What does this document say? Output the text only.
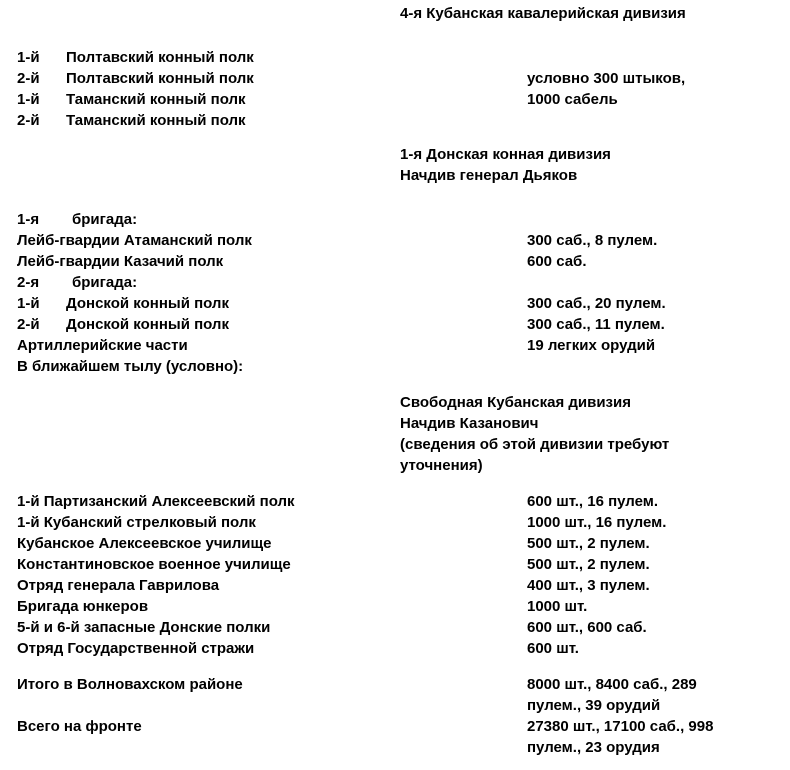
4-я Кубанская кавалерийская дивизия
1-й Полтавский конный полк
2-й Полтавский конный полк	условно 300 штыков,
1-й Таманский конный полк	1000 сабель
2-й Таманский конный полк
1-я Донская конная дивизия
Начдив генерал Дьяков
1-я бригада:
Лейб-гвардии Атаманский полк	300 саб., 8 пулем.
Лейб-гвардии Казачий полк	600 саб.
2-я бригада:
1-й Донской конный полк	300 саб., 20 пулем.
2-й Донской конный полк	300 саб., 11 пулем.
Артиллерийские части	19 легких орудий
В ближайшем тылу (условно):
Свободная Кубанская дивизия
Начдив Казанович
(сведения об этой дивизии требуют
уточнения)
1-й Партизанский Алексеевский полк	600 шт., 16 пулем.
1-й Кубанский стрелковый полк	1000 шт., 16 пулем.
Кубанское Алексеевское училище	500 шт., 2 пулем.
Константиновское военное училище	500 шт., 2 пулем.
Отряд генерала Гаврилова	400 шт., 3 пулем.
Бригада юнкеров	1000 шт.
5-й и 6-й запасные Донские полки	600 шт., 600 саб.
Отряд Государственной стражи	600 шт.
Итого в Волновахском районе	8000 шт., 8400 саб., 289
пулем., 39 орудий
Всего на фронте	27380 шт., 17100 саб., 998
пулем., 23 орудия
